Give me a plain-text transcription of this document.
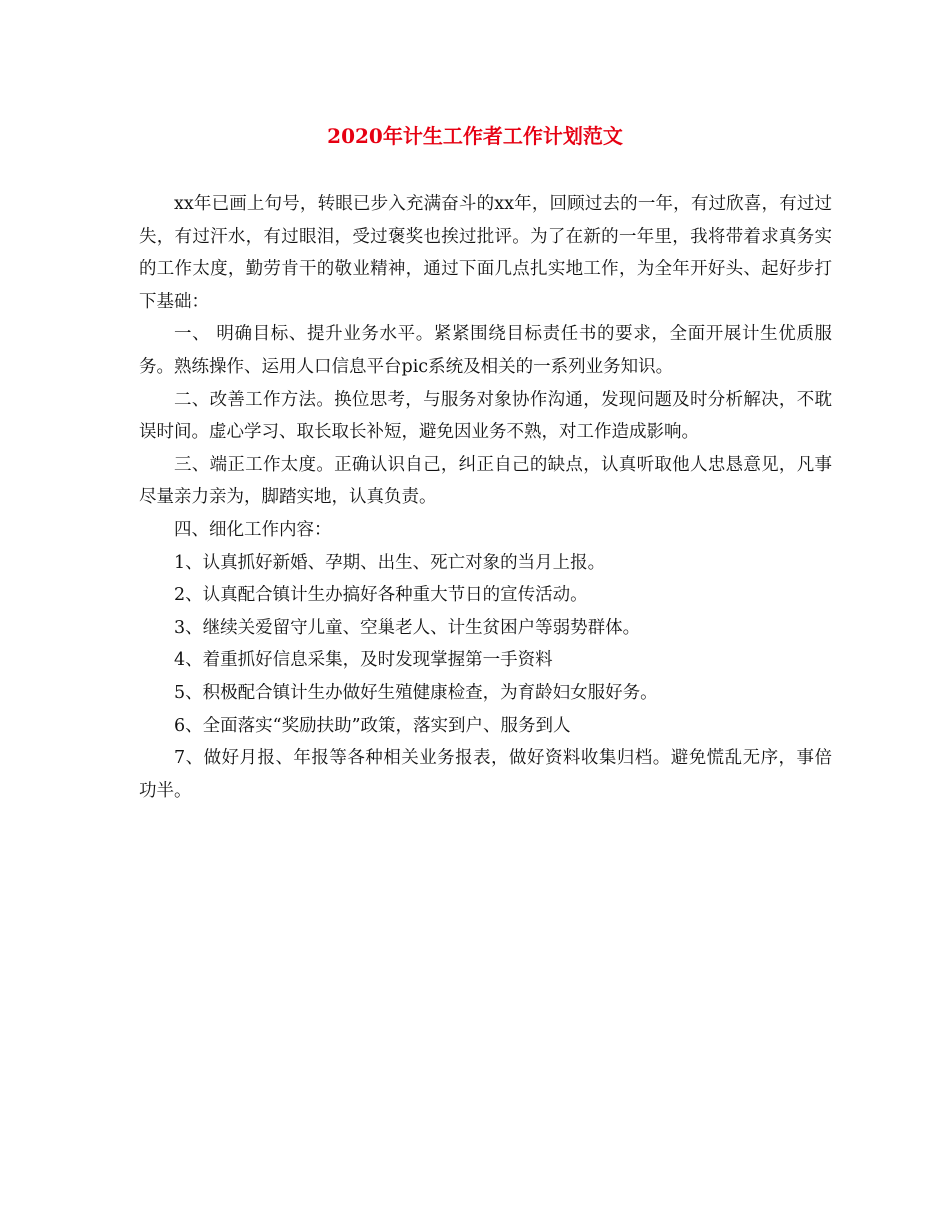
2020年计生工作者工作计划范文

xx年已画上句号，转眼已步入充满奋斗的xx年，回顾过去的一年，有过欣喜，有过过失，有过汗水，有过眼泪，受过褒奖也挨过批评。为了在新的一年里，我将带着求真务实的工作太度，勤劳肯干的敬业精神，通过下面几点扎实地工作，为全年开好头、起好步打下基础：

一、 明确目标、提升业务水平。紧紧围绕目标责任书的要求，全面开展计生优质服务。熟练操作、运用人口信息平台pic系统及相关的一系列业务知识。

二、改善工作方法。换位思考，与服务对象协作沟通，发现问题及时分析解决，不耽误时间。虚心学习、取长取长补短，避免因业务不熟，对工作造成影响。

三、端正工作太度。正确认识自己，纠正自己的缺点，认真听取他人忠恳意见，凡事尽量亲力亲为，脚踏实地，认真负责。

四、细化工作内容：

1、认真抓好新婚、孕期、出生、死亡对象的当月上报。

2、认真配合镇计生办搞好各种重大节日的宣传活动。

3、继续关爱留守儿童、空巢老人、计生贫困户等弱势群体。

4、着重抓好信息采集，及时发现掌握第一手资料

5、积极配合镇计生办做好生殖健康检查，为育龄妇女服好务。

6、全面落实“奖励扶助”政策，落实到户、服务到人

7、做好月报、年报等各种相关业务报表，做好资料收集归档。避免慌乱无序，事倍功半。
